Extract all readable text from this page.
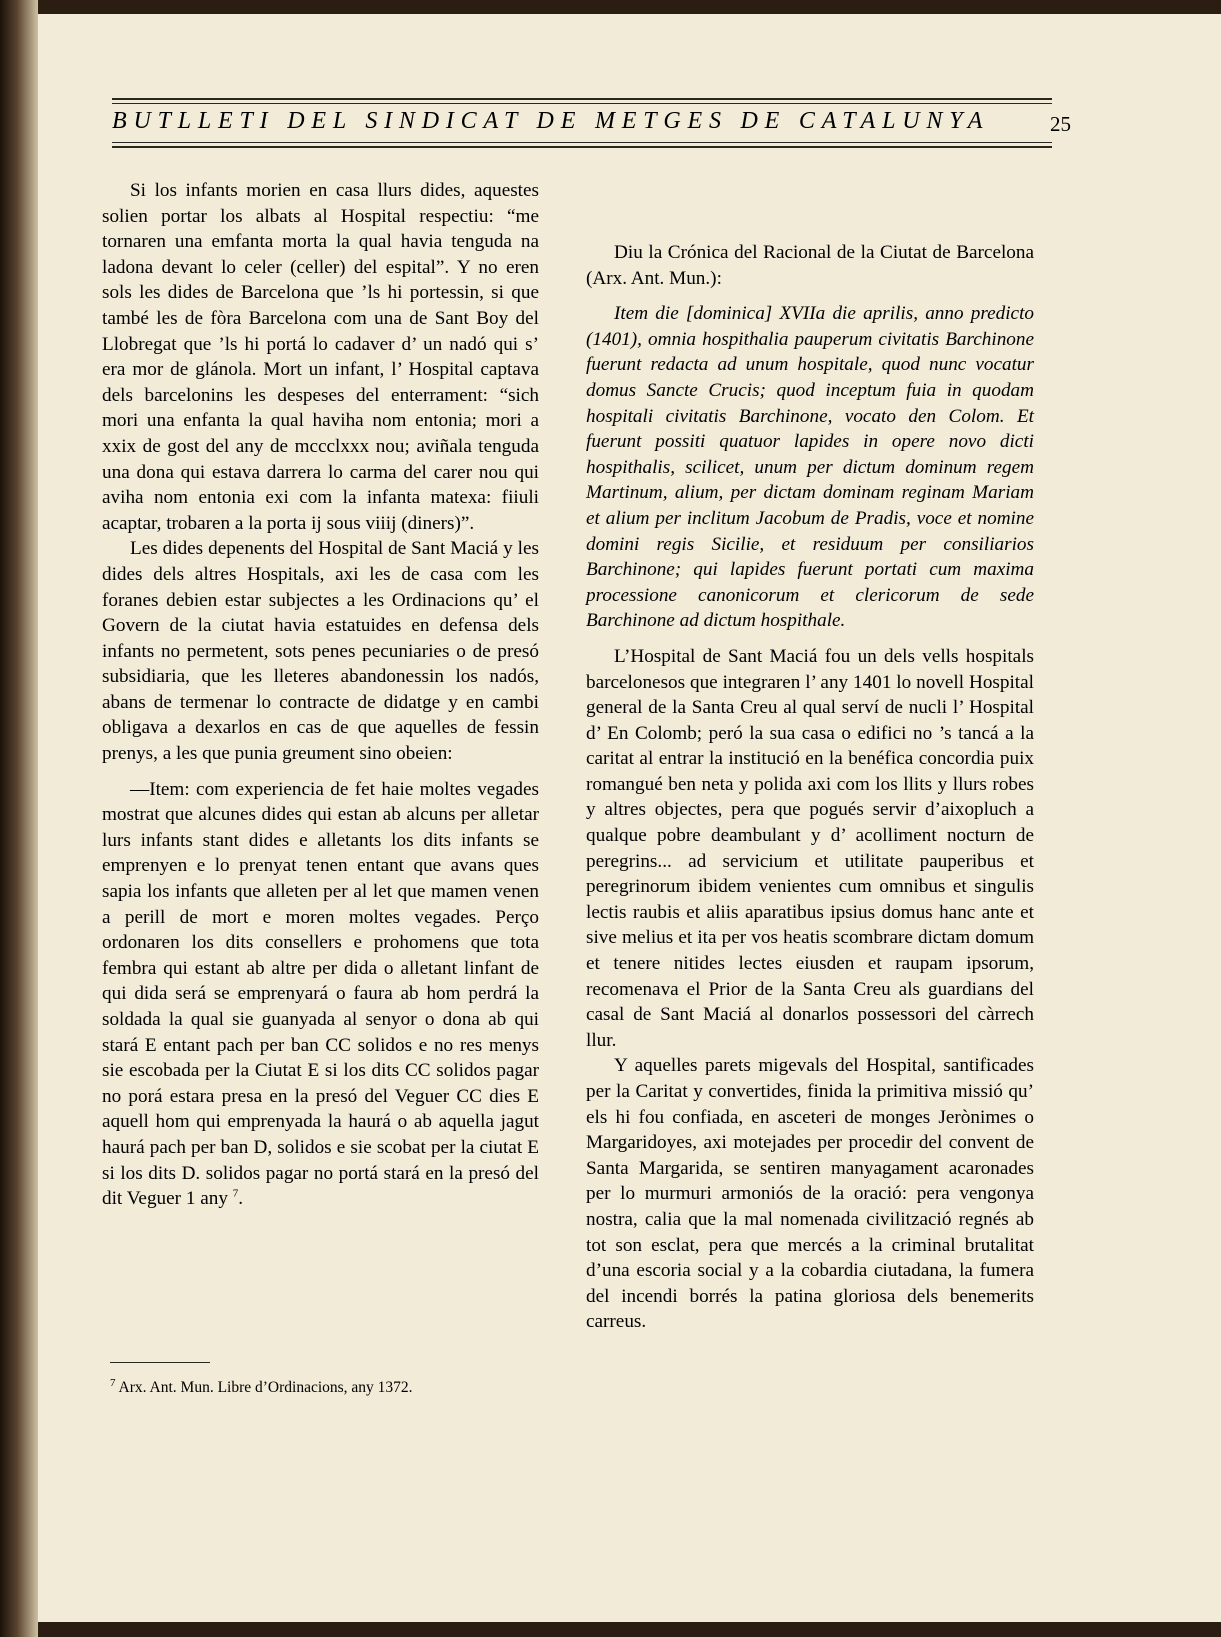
BUTLLETI DEL SINDICAT DE METGES DE CATALUNYA	25

Si los infants morien en casa llurs dides, aquestes solien portar los albats al Hospital respectiu: “me tornaren una emfanta morta la qual havia tenguda na ladona devant lo celer (celler) del espital”. Y no eren sols les dides de Barcelona que ’ls hi portessin, si que també les de fòra Barcelona com una de Sant Boy del Llobregat que ’ls hi portá lo cadaver d’ un nadó qui s’ era mor de glánola. Mort un infant, l’ Hospital captava dels barcelonins les despeses del enterrament: “sich mori una enfanta la qual haviha nom entonia; mori a xxix de gost del any de mccclxxx nou; aviñala tenguda una dona qui estava darrera lo carma del carer nou qui aviha nom entonia exi com la infanta matexa: fiiuli acaptar, trobaren a la porta ij sous viiij (diners)”.

Les dides depenents del Hospital de Sant Maciá y les dides dels altres Hospitals, axi les de casa com les foranes debien estar subjectes a les Ordinacions qu’ el Govern de la ciutat havia estatuides en defensa dels infants no permetent, sots penes pecuniaries o de presó subsidiaria, que les lleteres abandonessin los nadós, abans de termenar lo contracte de didatge y en cambi obligava a dexarlos en cas de que aquelles de fessin prenys, a les que punia greument sino obeien:

—Item: com experiencia de fet haie moltes vegades mostrat que alcunes dides qui estan ab alcuns per alletar lurs infants stant dides e alletants los dits infants se emprenyen e lo prenyat tenen entant que avans ques sapia los infants que alleten per al let que mamen venen a perill de mort e moren moltes vegades. Perço ordonaren los dits consellers e prohomens que tota fembra qui estant ab altre per dida o alletant linfant de qui dida será se emprenyará o faura ab hom perdrá la soldada la qual sie guanyada al senyor o dona ab qui stará E entant pach per ban CC solidos e no res menys sie escobada per la Ciutat E si los dits CC solidos pagar no porá estara presa en la presó del Veguer CC dies E aquell hom qui emprenyada la haurá o ab aquella jagut haurá pach per ban D, solidos e sie scobat per la ciutat E si los dits D. solidos pagar no portá stará en la presó del dit Veguer 1 any $^7$.

$^7$ Arx. Ant. Mun. Libre d’Ordinacions, any 1372.

Diu la Crónica del Racional de la Ciutat de Barcelona (Arx. Ant. Mun.):

Item die [dominica] XVIIa die aprilis, anno predicto (1401), omnia hospithalia pauperum civitatis Barchinone fuerunt redacta ad unum hospitale, quod nunc vocatur domus Sancte Crucis; quod inceptum fuia in quodam hospitali civitatis Barchinone, vocato den Colom. Et fuerunt possiti quatuor lapides in opere novo dicti hospithalis, scilicet, unum per dictum dominum regem Martinum, alium, per dictam dominam reginam Mariam et alium per inclitum Jacobum de Pradis, voce et nomine domini regis Sicilie, et residuum per consiliarios Barchinone; qui lapides fuerunt portati cum maxima processione canonicorum et clericorum de sede Barchinone ad dictum hospithale.

L’Hospital de Sant Maciá fou un dels vells hospitals barcelonesos que integraren l’ any 1401 lo novell Hospital general de la Santa Creu al qual serví de nucli l’ Hospital d’ En Colomb; peró la sua casa o edifici no ’s tancá a la caritat al entrar la institució en la benéfica concordia puix romangué ben neta y polida axi com los llits y llurs robes y altres objectes, pera que pogués servir d’aixopluch a qualque pobre deambulant y d’ acolliment nocturn de peregrins... ad servicium et utilitate pauperibus et peregrinorum ibidem venientes cum omnibus et singulis lectis raubis et aliis aparatibus ipsius domus hanc ante et sive melius et ita per vos heatis scombrare dictam domum et tenere nitides lectes eiusden et raupam ipsorum, recomenava el Prior de la Santa Creu als guardians del casal de Sant Maciá al donarlos possessori del càrrech llur.

Y aquelles parets migevals del Hospital, santificades per la Caritat y convertides, finida la primitiva missió qu’ els hi fou confiada, en asceteri de monges Jerònimes o Margaridoyes, axi motejades per procedir del convent de Santa Margarida, se sentiren manyagament acaronades per lo murmuri armoniós de la oració: pera vengonya nostra, calia que la mal nomenada civilització regnés ab tot son esclat, pera que mercés a la criminal brutalitat d’una escoria social y a la cobardia ciutadana, la fumera del incendi borrés la patina gloriosa dels benemerits carreus.
